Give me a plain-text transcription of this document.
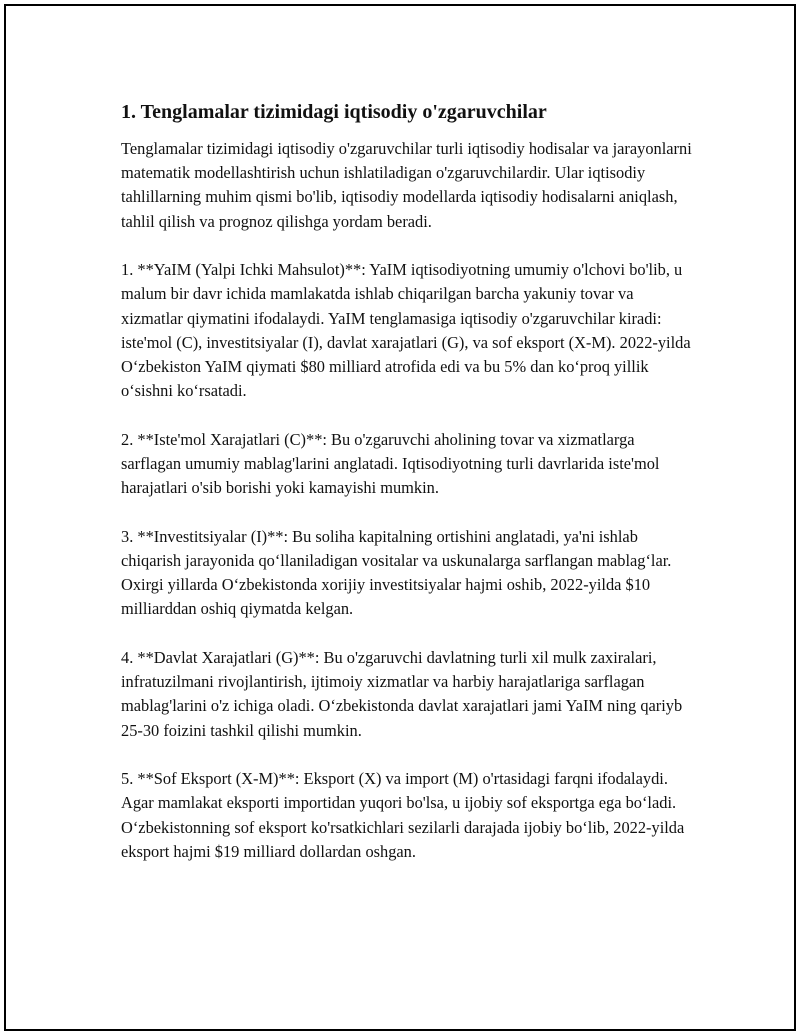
1. Tenglamalar tizimidagi iqtisodiy o'zgaruvchilar

Tenglamalar tizimidagi iqtisodiy o'zgaruvchilar turli iqtisodiy hodisalar va jarayonlarni matematik modellashtirish uchun ishlatiladigan o'zgaruvchilardir. Ular iqtisodiy tahlillarning muhim qismi bo'lib, iqtisodiy modellarda iqtisodiy hodisalarni aniqlash, tahlil qilish va prognoz qilishga yordam beradi.

1. **YaIM (Yalpi Ichki Mahsulot)**: YaIM iqtisodiyotning umumiy o'lchovi bo'lib, u malum bir davr ichida mamlakatda ishlab chiqarilgan barcha yakuniy tovar va xizmatlar qiymatini ifodalaydi. YaIM tenglamasiga iqtisodiy o'zgaruvchilar kiradi: iste'mol (C), investitsiyalar (I), davlat xarajatlari (G), va sof eksport (X-M). 2022-yilda O‘zbekiston YaIM qiymati $80 milliard atrofida edi va bu 5% dan ko‘proq yillik o‘sishni ko‘rsatadi.

2. **Iste'mol Xarajatlari (C)**: Bu o'zgaruvchi aholining tovar va xizmatlarga sarflagan umumiy mablag'larini anglatadi. Iqtisodiyotning turli davrlarida iste'mol harajatlari o'sib borishi yoki kamayishi mumkin.

3. **Investitsiyalar (I)**: Bu soliha kapitalning ortishini anglatadi, ya'ni ishlab chiqarish jarayonida qo‘llaniladigan vositalar va uskunalarga sarflangan mablag‘lar. Oxirgi yillarda O‘zbekistonda xorijiy investitsiyalar hajmi oshib, 2022-yilda $10 milliarddan oshiq qiymatda kelgan.

4. **Davlat Xarajatlari (G)**: Bu o'zgaruvchi davlatning turli xil mulk zaxiralari, infratuzilmani rivojlantirish, ijtimoiy xizmatlar va harbiy harajatlariga sarflagan mablag'larini o'z ichiga oladi. O‘zbekistonda davlat xarajatlari jami YaIM ning qariyb 25-30 foizini tashkil qilishi mumkin.

5. **Sof Eksport (X-M)**: Eksport (X) va import (M) o'rtasidagi farqni ifodalaydi. Agar mamlakat eksporti importidan yuqori bo'lsa, u ijobiy sof eksportga ega bo‘ladi. O‘zbekistonning sof eksport ko'rsatkichlari sezilarli darajada ijobiy bo‘lib, 2022-yilda eksport hajmi $19 milliard dollardan oshgan.
